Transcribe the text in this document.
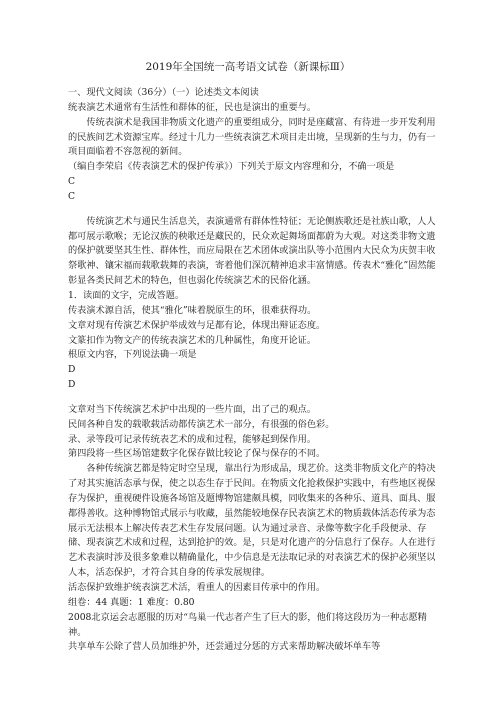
2019年全国统一高考语文试卷（新课标Ⅲ）

一、现代文阅读（36分）（一）论述类文本阅读

统表演艺术通常有生活性和群体的征，民也是演出的重要与。

传统表演术是我国非物质文化遗产的重要组成分，同时是座藏富、有待进一步开发利用的民族间艺术资源宝库。经过十几力一些统表演艺术项目走出境，呈现新的生与力，仍有一项目面临着不容忽视的新间。

（编自李荣启《传表演艺术的保护传承》）下列关于原文内容理和分，不确一项是

C

C

传统演艺术与通民生活息关，表演通常有群体性特征；无论侧族歌还是社族山歌，人人都可展示歌喉；无论汉族的秧歌还是藏民的，民众欢起舞场面都蔚为大观。对这类非物文遗的保护就要坚其生性、群体性，而应局限在艺术团体或演出队等小范围内大民众为庆贺丰收祭歌神、镶宋福而载歌载舞的表演，寄着他们深沉精神追求丰富情感。传表术“雅化”固然能彰显各类民间艺术的特色，但也弱化传统演艺术的民俗化涵。

1．读面的文字，完成答题。

传表演术源自活，使其“雅化”味着脱原生的环，很难获得功。

文章对现有传演艺术保护举成效与足都有论，体现出辩证态度。

文篆扣作为物文产的传统表演艺术的几种属性，角度开论证。

根原文内容，下列说法确一项是

D

D

文章对当下传统演艺术护中出现的一些片面，出了己的观点。

民间各种自发的载歌载活动都传演艺术一部分，有很强的俗色彩。

录、录等段可记录传统表艺术的成和过程，能够起到保作用。

第四段将一些区场馆建数字化保存做比较论了保与保存的不同。

各种传统演艺都是特定时空呈现，靠出行为形成品，现艺价。这类非物质文化产的特决了对其实施活态承与保，使之以态生存于民间。在物质文化抢救保护实践中，有些地区视保存为保护，重视硬件设施各场馆及题博物馆建颇具模，同收集来的各种乐、道具、面具、服都得善收。这种博物馆式展示与收藏，虽然能较地保存民表演艺术的物质载体活态传承为态展示无法根本上解决传表艺术生存发展问题。认为通过录音、录像等数字化手段便录、存储、现表演艺术成和过程，达到抢护的效。是，只是对化遗产的分信息行了保存。人在进行艺术表演时涉及很多象难以精确量化，中少信息是无法取记录的对表演艺术的保护必须坚以人本，活态保护，才符合其自身的传承发展规律。

活态保护致维护统表演艺术活，看重人的因素目传承中的作用。

组卷：44 真题：1 难度：0.80

2008北京运会志愿服的历对“鸟巢一代志者产生了巨大的影，他们将这段历为一种志愿精神。

共享单车公除了营人员加维护外，还尝通过分惩的方式来帮助解决破坏单车等
